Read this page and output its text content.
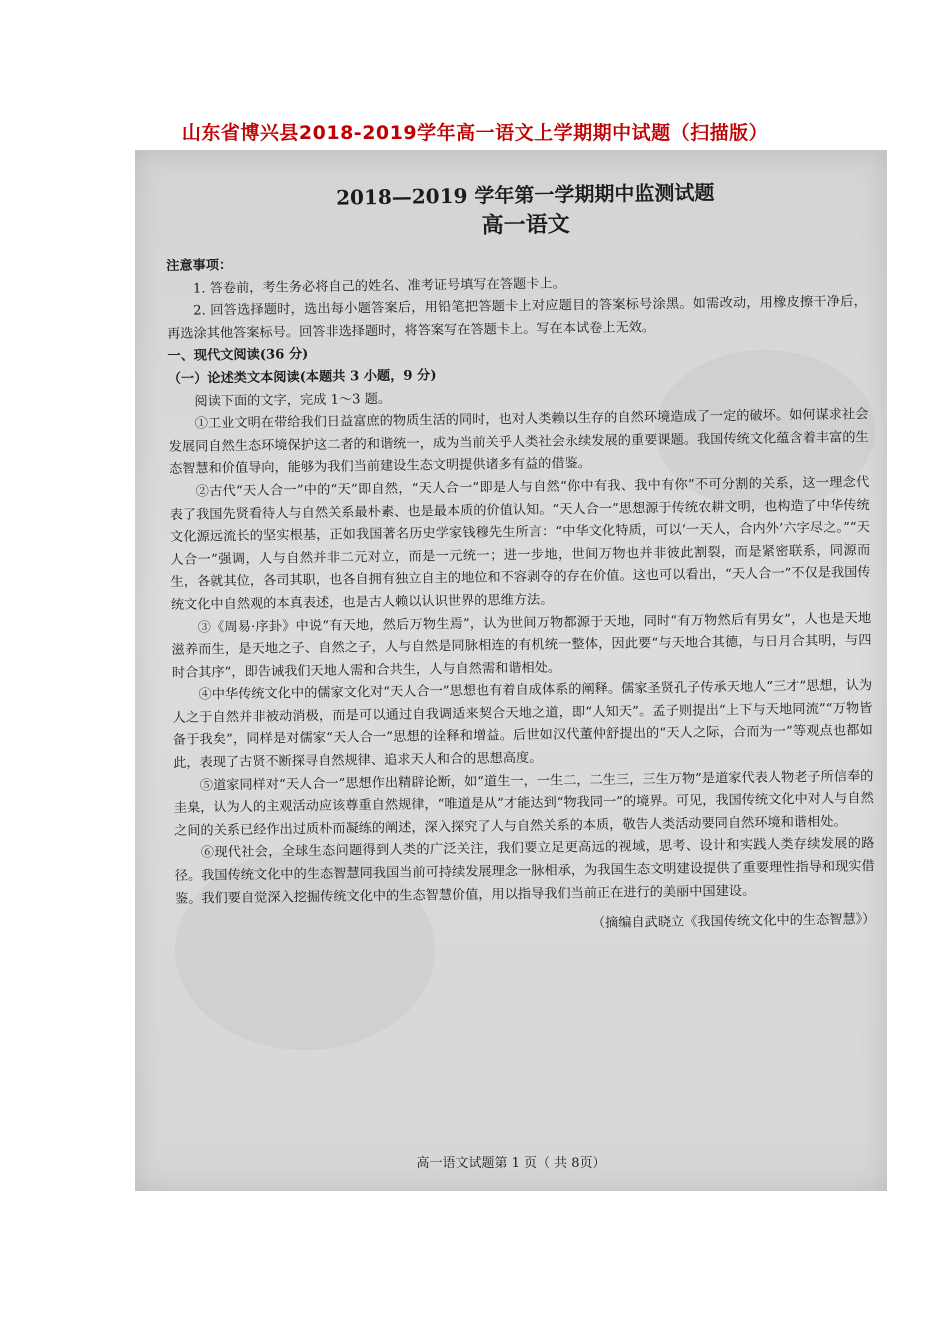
山东省博兴县2018-2019学年高一语文上学期期中试题（扫描版）
2018—2019 学年第一学期期中监测试题
高一语文

注意事项：

1. 答卷前，考生务必将自己的姓名、准考证号填写在答题卡上。

2. 回答选择题时，选出每小题答案后，用铅笔把答题卡上对应题目的答案标号涂黑。如需改动，用橡皮擦干净后，再选涂其他答案标号。回答非选择题时，将答案写在答题卡上。写在本试卷上无效。

一、现代文阅读(36 分)

（一）论述类文本阅读(本题共 3 小题，9 分)

阅读下面的文字，完成 1～3 题。

①工业文明在带给我们日益富庶的物质生活的同时，也对人类赖以生存的自然环境造成了一定的破坏。如何谋求社会发展同自然生态环境保护这二者的和谐统一，成为当前关乎人类社会永续发展的重要课题。我国传统文化蕴含着丰富的生态智慧和价值导向，能够为我们当前建设生态文明提供诸多有益的借鉴。

②古代“天人合一”中的“天”即自然，“天人合一”即是人与自然“你中有我、我中有你”不可分割的关系，这一理念代表了我国先贤看待人与自然关系最朴素、也是最本质的价值认知。“天人合一”思想源于传统农耕文明，也构造了中华传统文化源远流长的坚实根基，正如我国著名历史学家钱穆先生所言：“中华文化特质，可以‘一天人，合内外’六字尽之。”“天人合一”强调，人与自然并非二元对立，而是一元统一；进一步地，世间万物也并非彼此割裂，而是紧密联系，同源而生，各就其位，各司其职，也各自拥有独立自主的地位和不容剥夺的存在价值。这也可以看出，“天人合一”不仅是我国传统文化中自然观的本真表述，也是古人赖以认识世界的思维方法。

③《周易·序卦》中说“有天地，然后万物生焉”，认为世间万物都源于天地，同时“有万物然后有男女”，人也是天地滋养而生，是天地之子、自然之子，人与自然是同脉相连的有机统一整体，因此要“与天地合其德，与日月合其明，与四时合其序”，即告诫我们天地人需和合共生，人与自然需和谐相处。

④中华传统文化中的儒家文化对“天人合一”思想也有着自成体系的阐释。儒家圣贤孔子传承天地人“三才”思想，认为人之于自然并非被动消极，而是可以通过自我调适来契合天地之道，即“人知天”。孟子则提出“上下与天地同流”“万物皆备于我矣”，同样是对儒家“天人合一”思想的诠释和增益。后世如汉代董仲舒提出的“天人之际，合而为一”等观点也都如此，表现了古贤不断探寻自然规律、追求天人和合的思想高度。

⑤道家同样对“天人合一”思想作出精辟论断，如“道生一，一生二，二生三，三生万物”是道家代表人物老子所信奉的圭臬，认为人的主观活动应该尊重自然规律，“唯道是从”才能达到“物我同一”的境界。可见，我国传统文化中对人与自然之间的关系已经作出过质朴而凝练的阐述，深入探究了人与自然关系的本质，敬告人类活动要同自然环境和谐相处。

⑥现代社会，全球生态问题得到人类的广泛关注，我们要立足更高远的视域，思考、设计和实践人类存续发展的路径。我国传统文化中的生态智慧同我国当前可持续发展理念一脉相承，为我国生态文明建设提供了重要理性指导和现实借鉴。我们要自觉深入挖掘传统文化中的生态智慧价值，用以指导我们当前正在进行的美丽中国建设。

（摘编自武晓立《我国传统文化中的生态智慧》）

高一语文试题第 1 页（ 共 8页）
